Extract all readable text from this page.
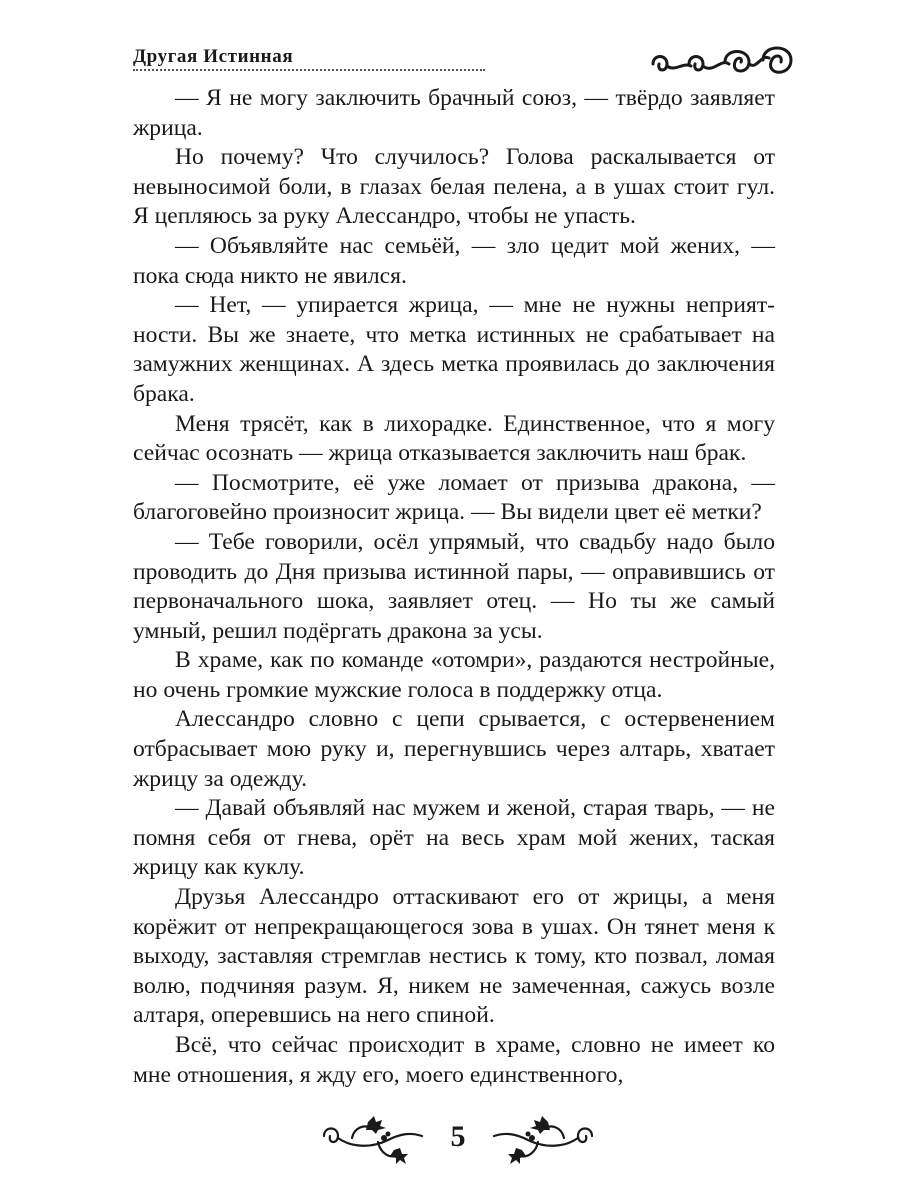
Другая Истинная

— Я не могу заключить брачный союз, — твёрдо заявляет жрица.

Но почему? Что случилось? Голова раскалывается от невыносимой боли, в глазах белая пелена, а в ушах стоит гул. Я цепляюсь за руку Алессандро, чтобы не упасть.

— Объявляйте нас семьёй, — зло цедит мой жених, — пока сюда никто не явился.

— Нет, — упирается жрица, — мне не нужны неприятности. Вы же знаете, что метка истинных не срабатывает на замужних женщинах. А здесь метка проявилась до заключения брака.

Меня трясёт, как в лихорадке. Единственное, что я могу сейчас осознать — жрица отказывается заключить наш брак.

— Посмотрите, её уже ломает от призыва дракона, — благоговейно произносит жрица. — Вы видели цвет её метки?

— Тебе говорили, осёл упрямый, что свадьбу надо было проводить до Дня призыва истинной пары, — оправившись от первоначального шока, заявляет отец. — Но ты же самый умный, решил подёргать дракона за усы.

В храме, как по команде «отомри», раздаются нестройные, но очень громкие мужские голоса в поддержку отца.

Алессандро словно с цепи срывается, с остервенением отбрасывает мою руку и, перегнувшись через алтарь, хватает жрицу за одежду.

— Давай объявляй нас мужем и женой, старая тварь, — не помня себя от гнева, орёт на весь храм мой жених, таская жрицу как куклу.

Друзья Алессандро оттаскивают его от жрицы, а меня корёжит от непрекращающегося зова в ушах. Он тянет меня к выходу, заставляя стремглав нестись к тому, кто позвал, ломая волю, подчиняя разум. Я, никем не замеченная, сажусь возле алтаря, оперевшись на него спиной.

Всё, что сейчас происходит в храме, словно не имеет ко мне отношения, я жду его, моего единственного,

5
